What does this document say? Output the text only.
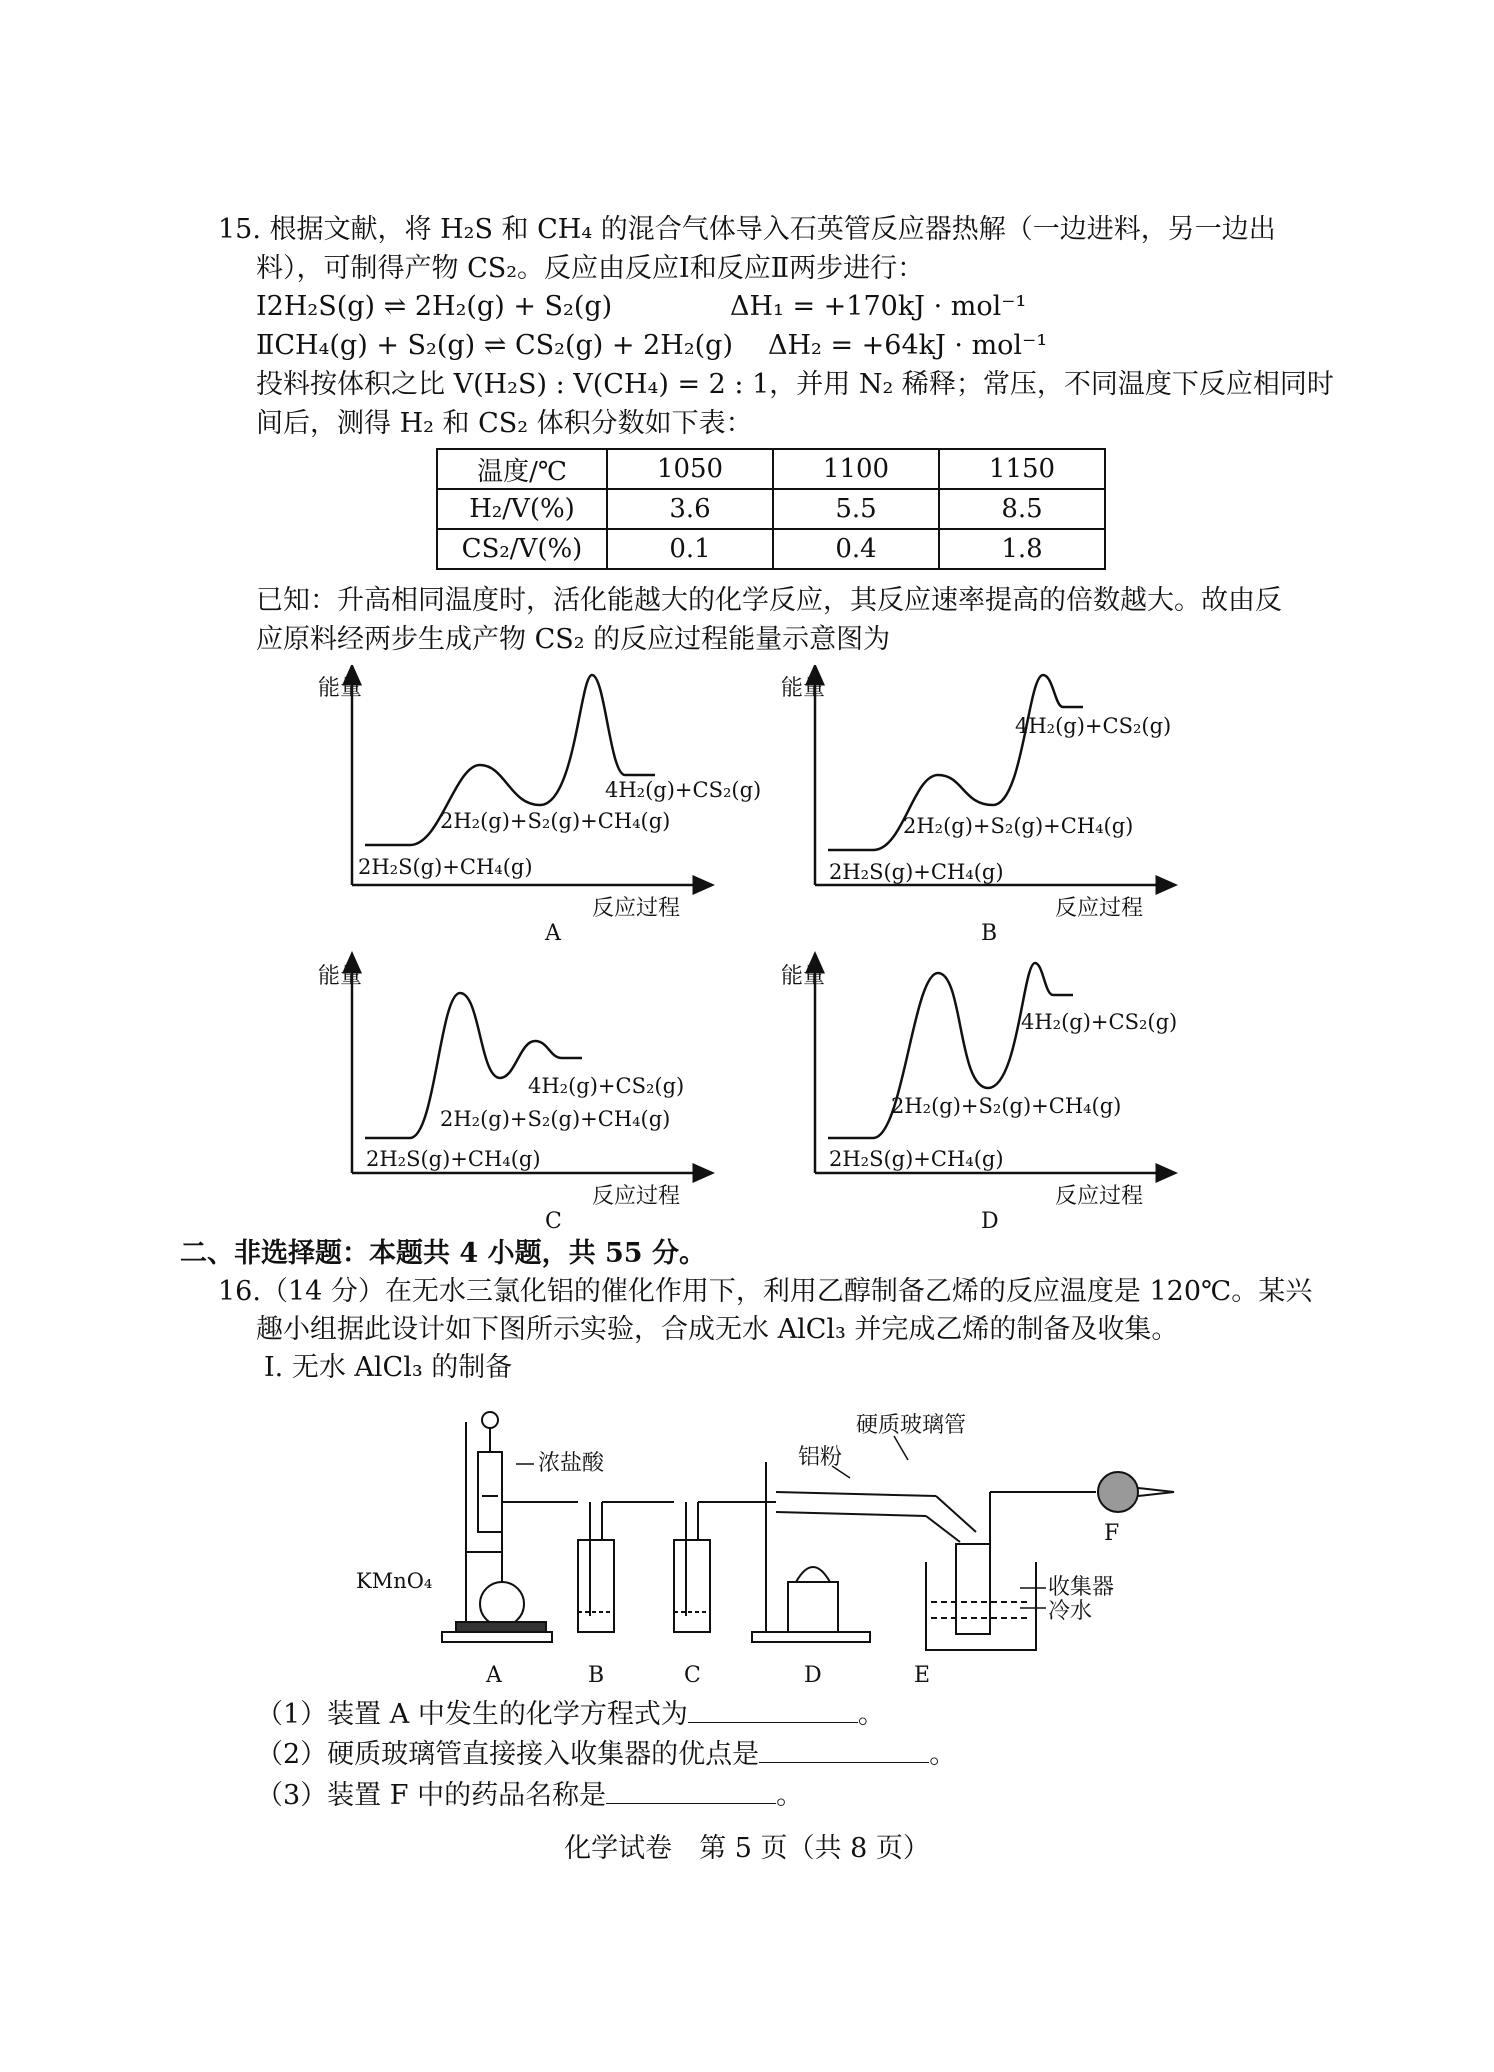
15. 根据文献，将 H₂S 和 CH₄ 的混合气体导入石英管反应器热解（一边进料，另一边出
料），可制得产物 CS₂。反应由反应Ⅰ和反应Ⅱ两步进行：
Ⅰ2H₂S(g) ⇌ 2H₂(g) + S₂(g)	ΔH₁ = +170kJ · mol⁻¹
ⅡCH₄(g) + S₂(g) ⇌ CS₂(g) + 2H₂(g) ΔH₂ = +64kJ · mol⁻¹
投料按体积之比 V(H₂S) : V(CH₄) = 2 : 1，并用 N₂ 稀释；常压，不同温度下反应相同时
间后，测得 H₂ 和 CS₂ 体积分数如下表：
温度/℃	1050	1100	1150
H₂/V(%)	3.6	5.5	8.5
CS₂/V(%)	0.1	0.4	1.8
已知：升高相同温度时，活化能越大的化学反应，其反应速率提高的倍数越大。故由反
应原料经两步生成产物 CS₂ 的反应过程能量示意图为
能量
反应过程
2H₂S(g)+CH₄(g)
2H₂(g)+S₂(g)+CH₄(g)
4H₂(g)+CS₂(g)
A
能量
反应过程
2H₂S(g)+CH₄(g)
2H₂(g)+S₂(g)+CH₄(g)
4H₂(g)+CS₂(g)
B
能量
反应过程
2H₂S(g)+CH₄(g)
2H₂(g)+S₂(g)+CH₄(g)
4H₂(g)+CS₂(g)
C
能量
反应过程
2H₂S(g)+CH₄(g)
2H₂(g)+S₂(g)+CH₄(g)
4H₂(g)+CS₂(g)
D
二、非选择题：本题共 4 小题，共 55 分。
16.（14 分）在无水三氯化铝的催化作用下，利用乙醇制备乙烯的反应温度是 120℃。某兴
趣小组据此设计如下图所示实验，合成无水 AlCl₃ 并完成乙烯的制备及收集。
Ⅰ. 无水 AlCl₃ 的制备
浓盐酸
KMnO₄
铝粉
硬质玻璃管
收集器
冷水
F
A	B	C	D	E
（1）装置 A 中发生的化学方程式为	。
（2）硬质玻璃管直接接入收集器的优点是	。
（3）装置 F 中的药品名称是	。
化学试卷　第 5 页（共 8 页）
